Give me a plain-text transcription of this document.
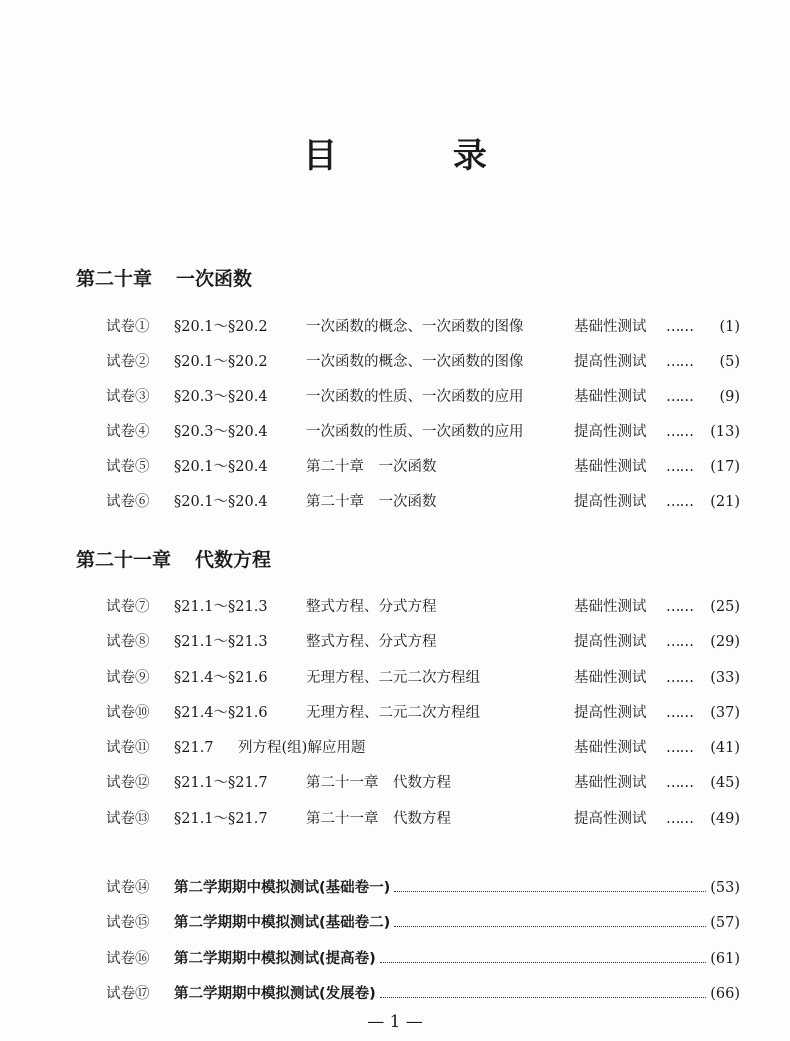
目 录
第二十章 一次函数
试卷① §20.1～§20.2	一次函数的概念、一次函数的图像	基础性测试 …… (1)
试卷② §20.1～§20.2	一次函数的概念、一次函数的图像	提高性测试 …… (5)
试卷③ §20.3～§20.4	一次函数的性质、一次函数的应用	基础性测试 …… (9)
试卷④ §20.3～§20.4	一次函数的性质、一次函数的应用	提高性测试 …… (13)
试卷⑤ §20.1～§20.4	第二十章　一次函数	基础性测试 …… (17)
试卷⑥ §20.1～§20.4	第二十章　一次函数	提高性测试 …… (21)
第二十一章 代数方程
试卷⑦ §21.1～§21.3	整式方程、分式方程	基础性测试 …… (25)
试卷⑧ §21.1～§21.3	整式方程、分式方程	提高性测试 …… (29)
试卷⑨ §21.4～§21.6	无理方程、二元二次方程组	基础性测试 …… (33)
试卷⑩ §21.4～§21.6	无理方程、二元二次方程组	提高性测试 …… (37)
试卷⑪ §21.7 列方程(组)解应用题	基础性测试 …… (41)
试卷⑫ §21.1～§21.7	第二十一章　代数方程	基础性测试 …… (45)
试卷⑬ §21.1～§21.7	第二十一章　代数方程	提高性测试 …… (49)
试卷⑭	第二学期期中模拟测试(基础卷一)	(53)
试卷⑮	第二学期期中模拟测试(基础卷二)	(57)
试卷⑯	第二学期期中模拟测试(提高卷)	(61)
试卷⑰	第二学期期中模拟测试(发展卷)	(66)
— 1 —
